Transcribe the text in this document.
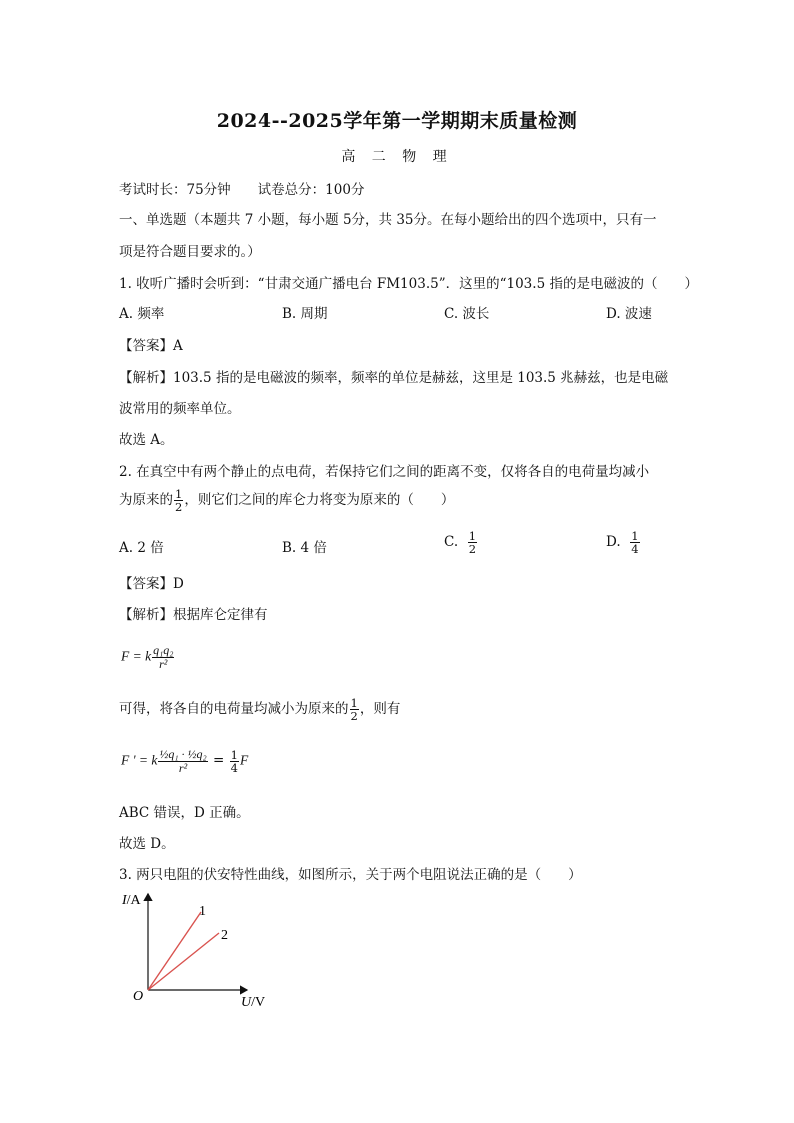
2024--2025学年第一学期期末质量检测
高 二 物 理
考试时长：75分钟　　试卷总分：100分
一、单选题（本题共 7 小题，每小题 5分，共 35分。在每小题给出的四个选项中，只有一
项是符合题目要求的。）
1. 收听广播时会听到：“甘肃交通广播电台 FM103.5”．这里的“103.5 指的是电磁波的（　　）
A. 频率	B. 周期	C. 波长	D. 波速
【答案】A
【解析】103.5 指的是电磁波的频率，频率的单位是赫兹，这里是 103.5 兆赫兹，也是电磁
波常用的频率单位。
故选 A。
2. 在真空中有两个静止的点电荷，若保持它们之间的距离不变，仅将各自的电荷量均减小
为原来的 $\frac{1}{2}$ ，则它们之间的库仑力将变为原来的（　　）
A. 2 倍	B. 4 倍	C. $\frac{1}{2}$	D. $\frac{1}{4}$
【答案】D
【解析】根据库仑定律有
F = k $\frac{\text{q₁q₂}}{\text{r²}}$
可得，将各自的电荷量均减小为原来的 $\frac{1}{2}$ ，则有
F ' = k $\frac{\text{½q₁ · ½q₂}}{\text{r²}} = \frac{1}{4}$ F
ABC 错误，D 正确。
故选 D。
3. 两只电阻的伏安特性曲线，如图所示，关于两个电阻说法正确的是（　　）
I/A
U/V
O
1
2
